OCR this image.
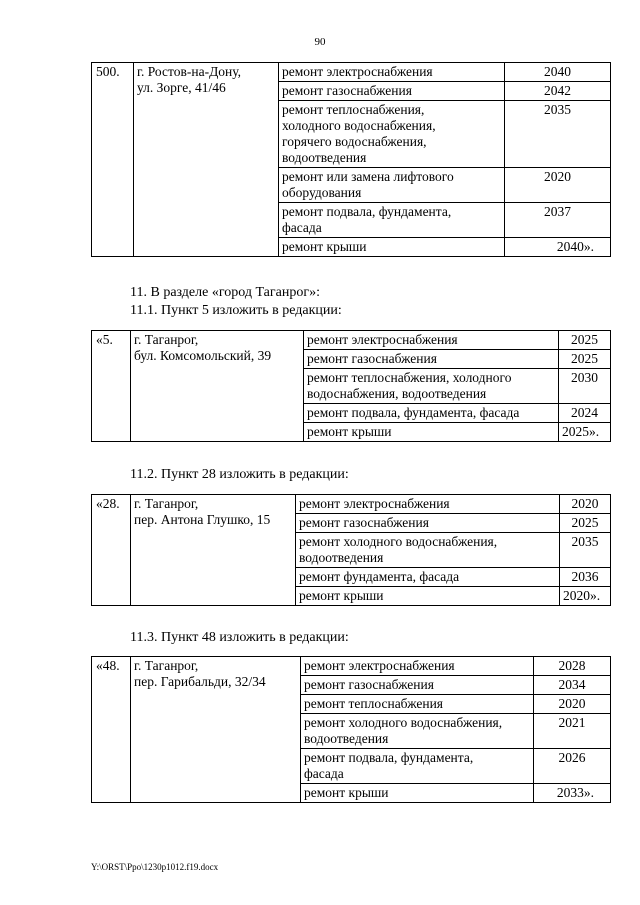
90
500.	г. Ростов-на-Дону,
ул. Зорге, 41/46	ремонт электроснабжения	2040
		ремонт газоснабжения	2042
		ремонт теплоснабжения,
холодного водоснабжения,
горячего водоснабжения,
водоотведения	2035
		ремонт или замена лифтового
оборудования	2020
		ремонт подвала, фундамента,
фасада	2037
		ремонт крыши	2040».
11. В разделе «город Таганрог»:
11.1. Пункт 5 изложить в редакции:
«5.	г. Таганрог,
бул. Комсомольский, 39	ремонт электроснабжения	2025
		ремонт газоснабжения	2025
		ремонт теплоснабжения, холодного
водоснабжения, водоотведения	2030
		ремонт подвала, фундамента, фасада	2024
		ремонт крыши	2025».
11.2. Пункт 28 изложить в редакции:
«28.	г. Таганрог,
пер. Антона Глушко, 15	ремонт электроснабжения	2020
		ремонт газоснабжения	2025
		ремонт холодного водоснабжения,
водоотведения	2035
		ремонт фундамента, фасада	2036
		ремонт крыши	2020».
11.3. Пункт 48 изложить в редакции:
«48.	г. Таганрог,
пер. Гарибальди, 32/34	ремонт электроснабжения	2028
		ремонт газоснабжения	2034
		ремонт теплоснабжения	2020
		ремонт холодного водоснабжения,
водоотведения	2021
		ремонт подвала, фундамента,
фасада	2026
		ремонт крыши	2033».
Y:\ORST\Ppo\1230p1012.f19.docx
